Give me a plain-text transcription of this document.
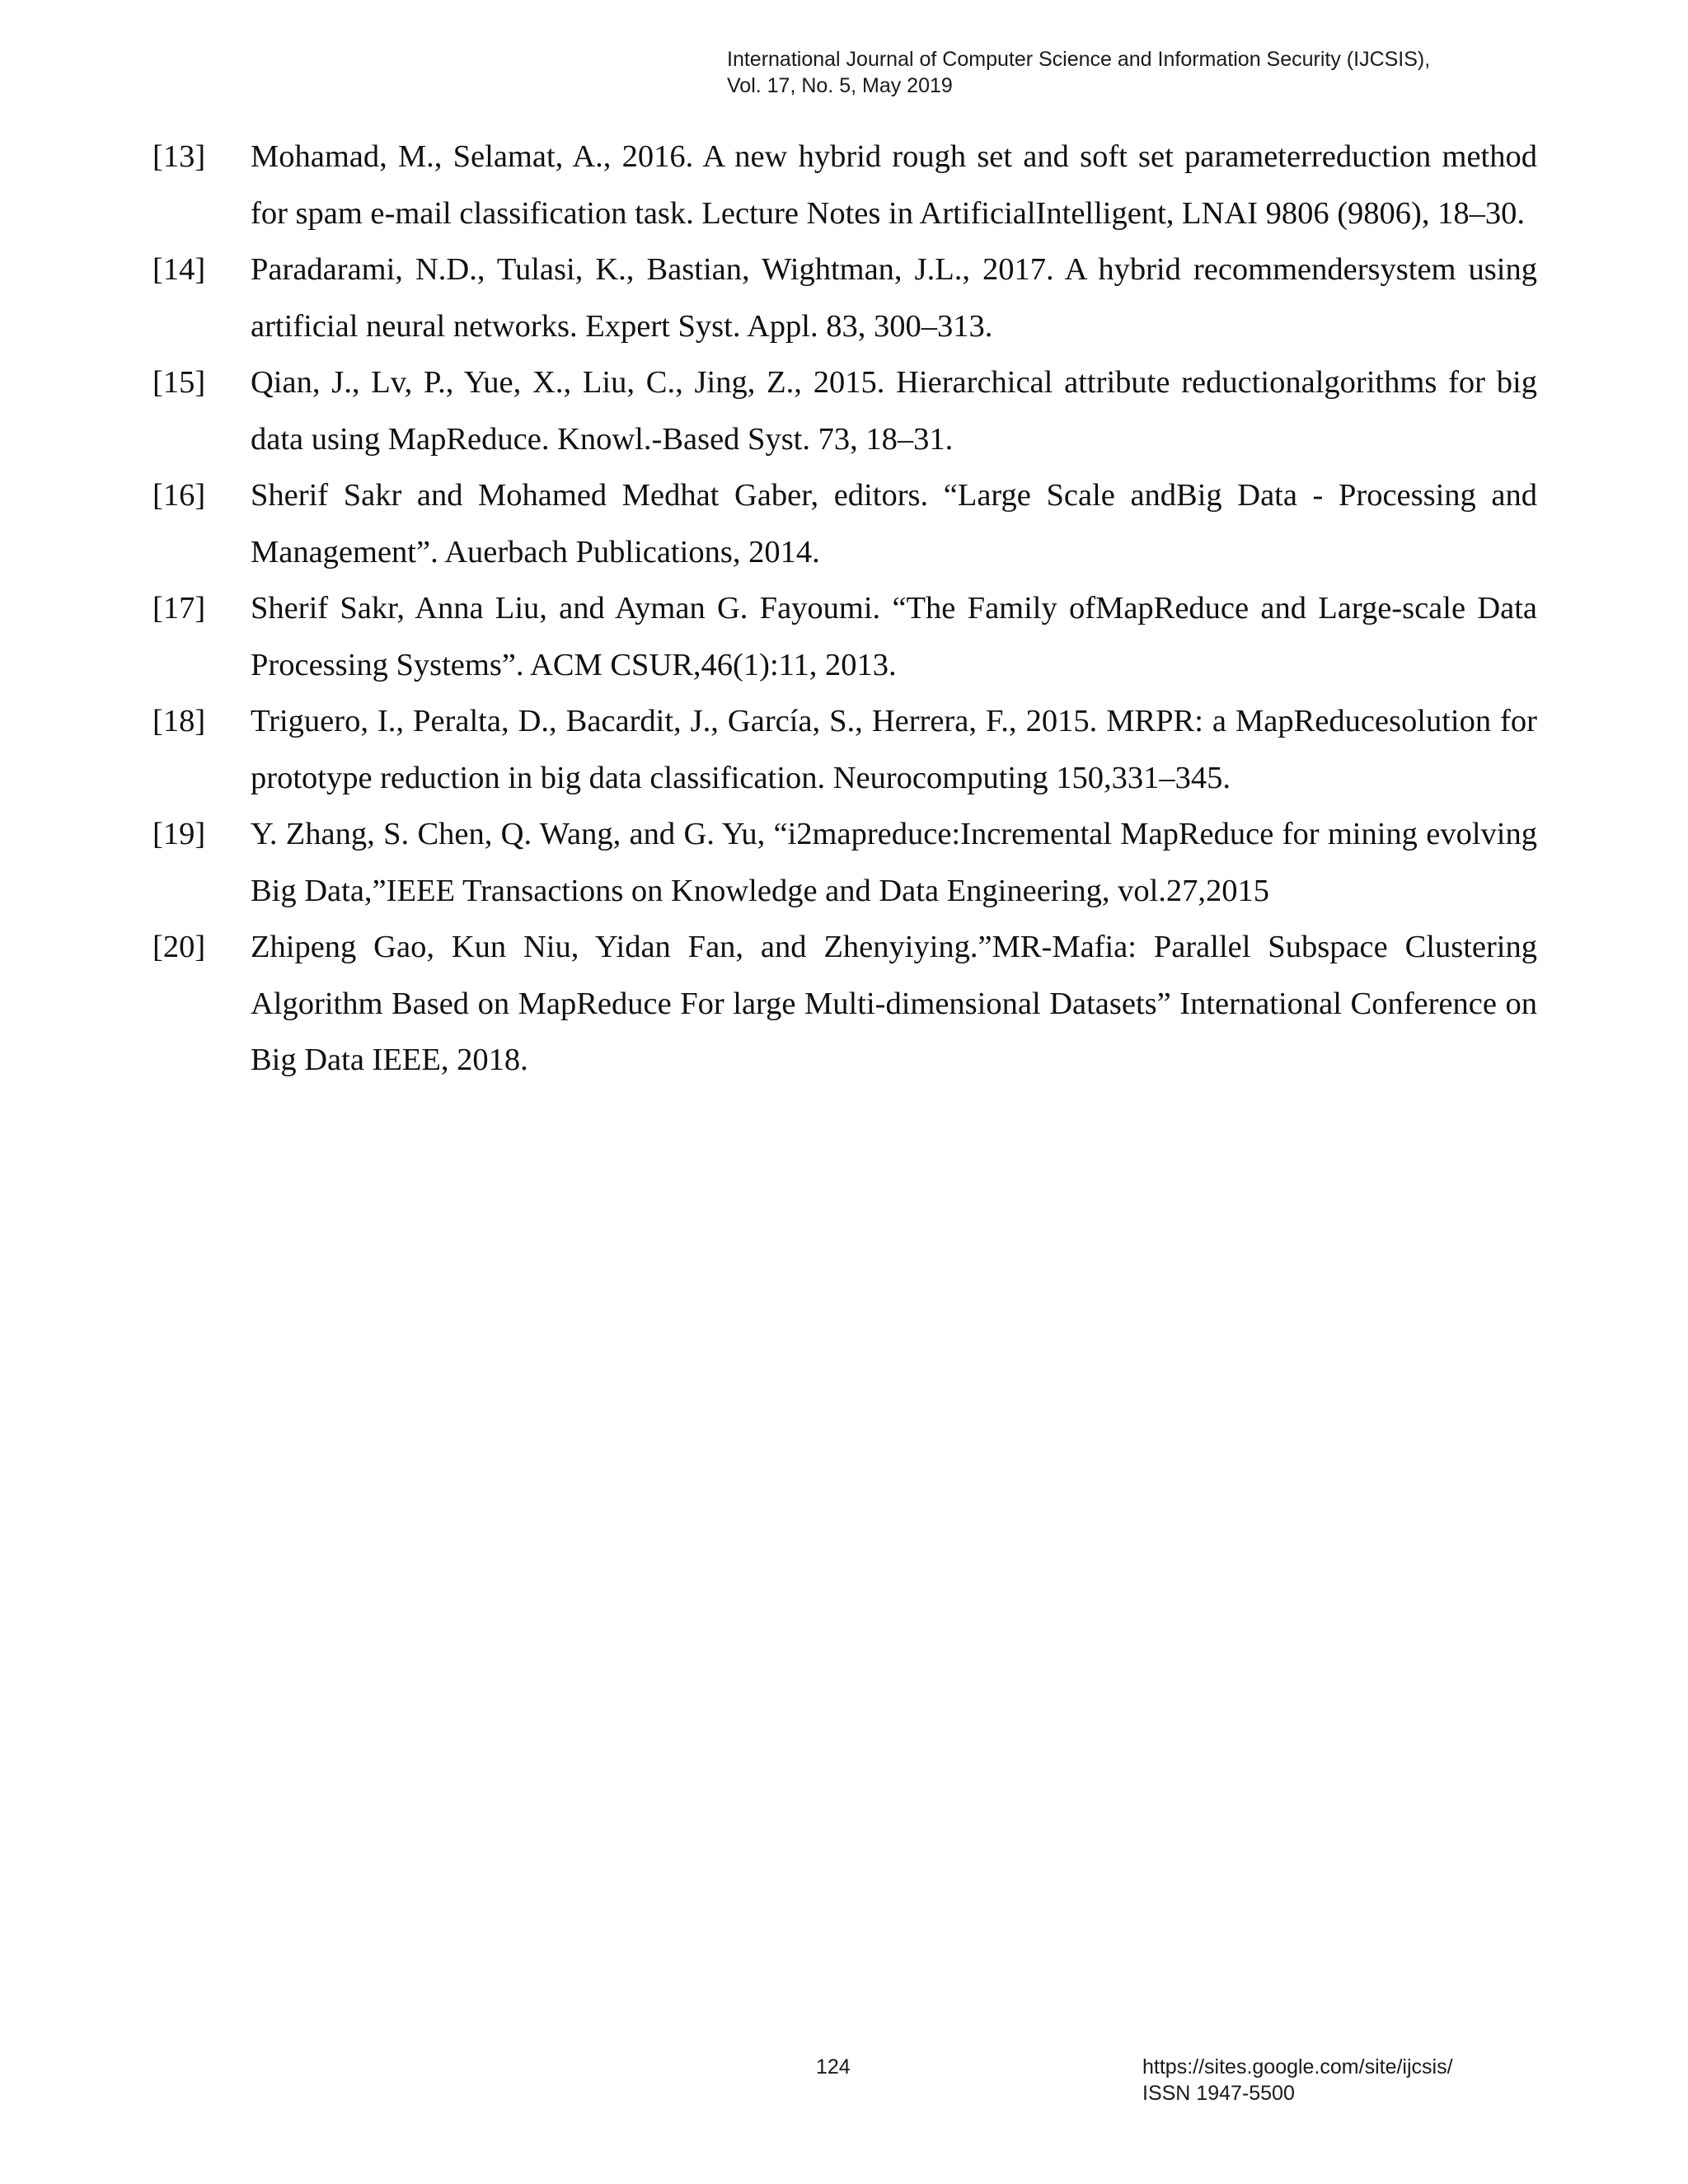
International Journal of Computer Science and Information Security (IJCSIS),
Vol. 17, No. 5, May 2019
[13]	Mohamad, M., Selamat, A., 2016. A new hybrid rough set and soft set parameterreduction method for spam e-mail classification task. Lecture Notes in ArtificialIntelligent, LNAI 9806 (9806), 18–30.
[14]	Paradarami, N.D., Tulasi, K., Bastian, Wightman, J.L., 2017. A hybrid recommendersystem using artificial neural networks. Expert Syst. Appl. 83, 300–313.
[15]	Qian, J., Lv, P., Yue, X., Liu, C., Jing, Z., 2015. Hierarchical attribute reductionalgorithms for big data using MapReduce. Knowl.-Based Syst. 73, 18–31.
[16]	Sherif Sakr and Mohamed Medhat Gaber, editors. “Large Scale andBig Data - Processing and Management”. Auerbach Publications, 2014.
[17]	Sherif Sakr, Anna Liu, and Ayman G. Fayoumi. “The Family ofMapReduce and Large-scale Data Processing Systems”. ACM CSUR,46(1):11, 2013.
[18]	Triguero, I., Peralta, D., Bacardit, J., García, S., Herrera, F., 2015. MRPR: a MapReducesolution for prototype reduction in big data classification. Neurocomputing 150,331–345.
[19]	Y. Zhang, S. Chen, Q. Wang, and G. Yu, “i2mapreduce:Incremental MapReduce for mining evolving Big Data,”IEEE Transactions on Knowledge and Data Engineering, vol.27,2015
[20]	Zhipeng Gao, Kun Niu, Yidan Fan, and Zhenyiying.”MR-Mafia: Parallel Subspace Clustering Algorithm Based on MapReduce For large Multi-dimensional Datasets” International Conference on Big Data IEEE, 2018.
124	https://sites.google.com/site/ijcsis/
ISSN 1947-5500
